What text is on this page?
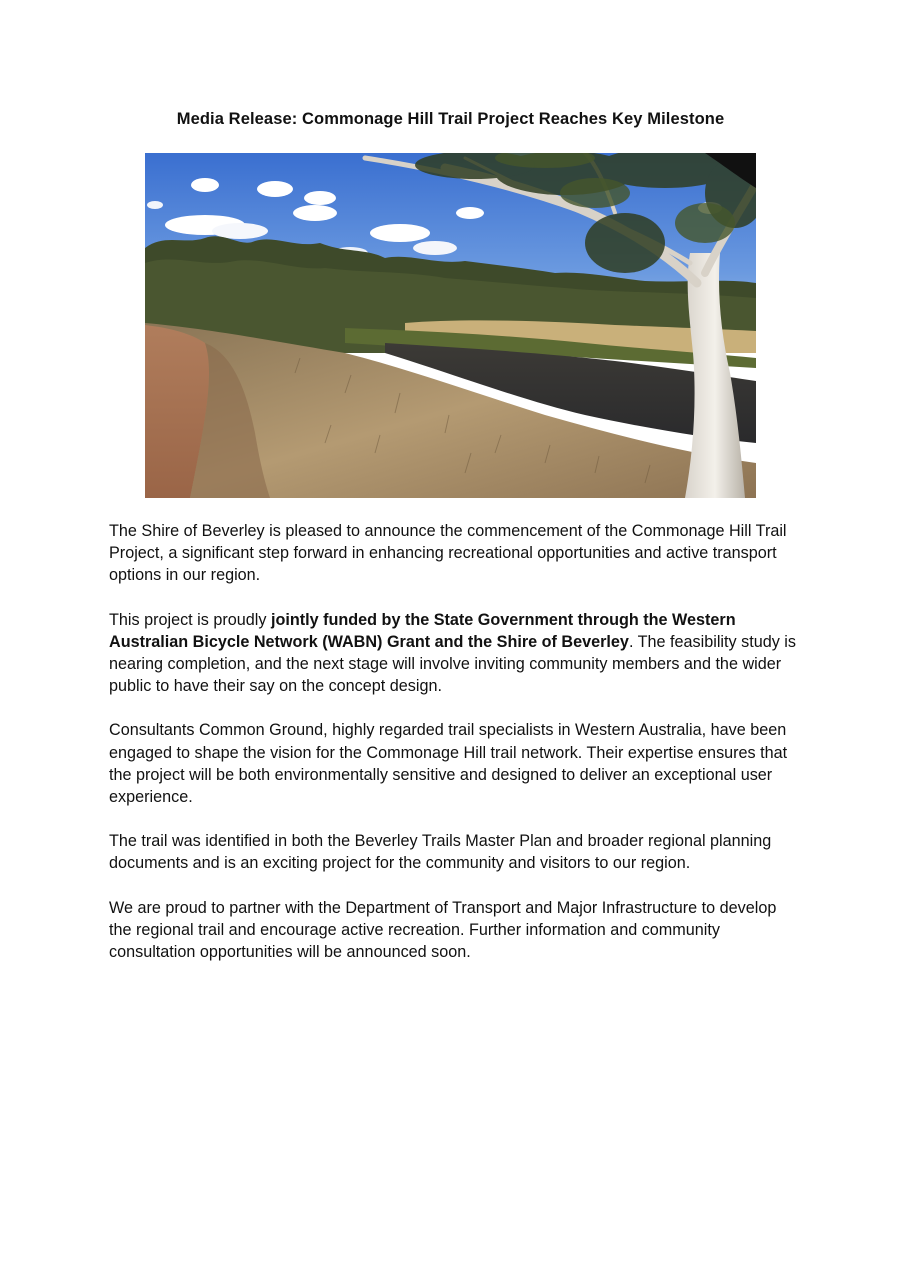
Media Release: Commonage Hill Trail Project Reaches Key Milestone

The Shire of Beverley is pleased to announce the commencement of the Commonage Hill Trail Project, a significant step forward in enhancing recreational opportunities and active transport options in our region.

This project is proudly jointly funded by the State Government through the Western Australian Bicycle Network (WABN) Grant and the Shire of Beverley. The feasibility study is nearing completion, and the next stage will involve inviting community members and the wider public to have their say on the concept design.

Consultants Common Ground, highly regarded trail specialists in Western Australia, have been engaged to shape the vision for the Commonage Hill trail network. Their expertise ensures that the project will be both environmentally sensitive and designed to deliver an exceptional user experience.

The trail was identified in both the Beverley Trails Master Plan and broader regional planning documents and is an exciting project for the community and visitors to our region.

We are proud to partner with the Department of Transport and Major Infrastructure to develop the regional trail and encourage active recreation. Further information and community consultation opportunities will be announced soon.
